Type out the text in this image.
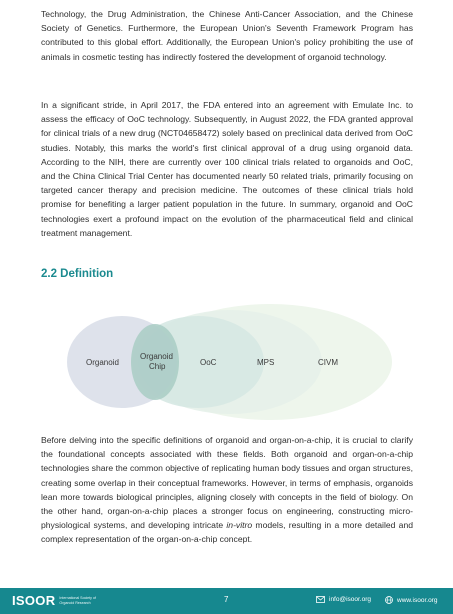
Technology, the Drug Administration, the Chinese Anti-Cancer Association, and the Chinese Society of Genetics. Furthermore, the European Union's Seventh Framework Program has contributed to this global effort. Additionally, the European Union's policy prohibiting the use of animals in cosmetic testing has indirectly fostered the development of organoid technology.

In a significant stride, in April 2017, the FDA entered into an agreement with Emulate Inc. to assess the efficacy of OoC technology. Subsequently, in August 2022, the FDA granted approval for clinical trials of a new drug (NCT04658472) solely based on preclinical data derived from OoC studies. Notably, this marks the world's first clinical approval of a drug using organoid data. According to the NIH, there are currently over 100 clinical trials related to organoids and OoC, and the China Clinical Trial Center has documented nearly 50 related trials, primarily focusing on targeted cancer therapy and precision medicine. The outcomes of these clinical trials hold promise for benefiting a larger patient population in the future. In summary, organoid and OoC technologies exert a profound impact on the evolution of the pharmaceutical field and clinical treatment management.

2.2 Definition
Organoid
Organoid
Chip	OoC	MPS	CIVM

Before delving into the specific definitions of organoid and organ-on-a-chip, it is crucial to clarify the foundational concepts associated with these fields. Both organoid and organ-on-a-chip technologies share the common objective of replicating human body tissues and organ structures, creating some overlap in their conceptual frameworks. However, in terms of emphasis, organoids lean more towards biological principles, aligning closely with concepts in the field of biology. On the other hand, organ-on-a-chip places a stronger focus on engineering, constructing micro-physiological systems, and developing intricate in-vitro models, resulting in a more detailed and complex representation of the organ-on-a-chip concept.

ISOOR International Society of
Organoid Research	7	info@isoor.org	www.isoor.org
